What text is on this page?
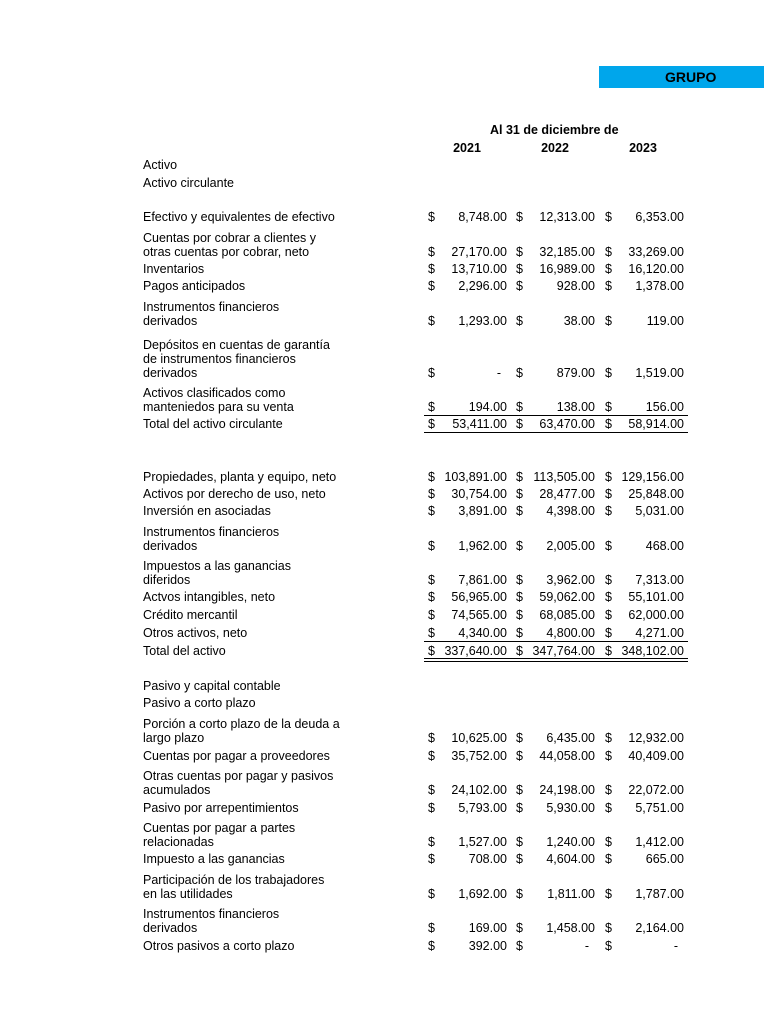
GRUPO
Al 31 de diciembre de
2021	2022	2023
Activo
Activo circulante
Pasivo y capital contable
Pasivo a corto plazo
Efectivo y equivalentes de efectivo	$	8,748.00 $	12,313.00 $	6,353.00
Cuentas por cobrar a clientes y
otras cuentas por cobrar, neto	$	27,170.00 $	32,185.00 $	33,269.00
Inventarios	$	13,710.00 $	16,989.00 $	16,120.00
Pagos anticipados	$	2,296.00 $	928.00 $	1,378.00
Instrumentos financieros
derivados	$	1,293.00 $	38.00 $	119.00
Depósitos en cuentas de garantía
de instrumentos financieros
derivados	$	-	$	879.00 $	1,519.00
Activos clasificados como
manteniedos para su venta	$	194.00 $	138.00 $	156.00
Total del activo circulante	$	53,411.00 $	63,470.00 $	58,914.00
Propiedades, planta y equipo, neto	$ 103,891.00 $ 113,505.00 $ 129,156.00
Activos por derecho de uso, neto	$	30,754.00 $	28,477.00 $	25,848.00
Inversión en asociadas	$	3,891.00 $	4,398.00 $	5,031.00
Instrumentos financieros
derivados	$	1,962.00 $	2,005.00 $	468.00
Impuestos a las ganancias
diferidos	$	7,861.00 $	3,962.00 $	7,313.00
Actvos intangibles, neto	$	56,965.00 $	59,062.00 $	55,101.00
Crédito mercantil	$	74,565.00 $	68,085.00 $	62,000.00
Otros activos, neto	$	4,340.00 $	4,800.00 $	4,271.00
Total del activo	$ 337,640.00 $ 347,764.00 $ 348,102.00
Porción a corto plazo de la deuda a
largo plazo	$	10,625.00 $	6,435.00 $	12,932.00
Cuentas por pagar a proveedores	$	35,752.00 $	44,058.00 $	40,409.00
Otras cuentas por pagar y pasivos
acumulados	$	24,102.00 $	24,198.00 $	22,072.00
Pasivo por arrepentimientos	$	5,793.00 $	5,930.00 $	5,751.00
Cuentas por pagar a partes
relacionadas	$	1,527.00 $	1,240.00 $	1,412.00
Impuesto a las ganancias	$	708.00 $	4,604.00 $	665.00
Participación de los trabajadores
en las utilidades	$	1,692.00 $	1,811.00 $	1,787.00
Instrumentos financieros
derivados	$	169.00 $	1,458.00 $	2,164.00
Otros pasivos a corto plazo	$	392.00 $	-	$	-
